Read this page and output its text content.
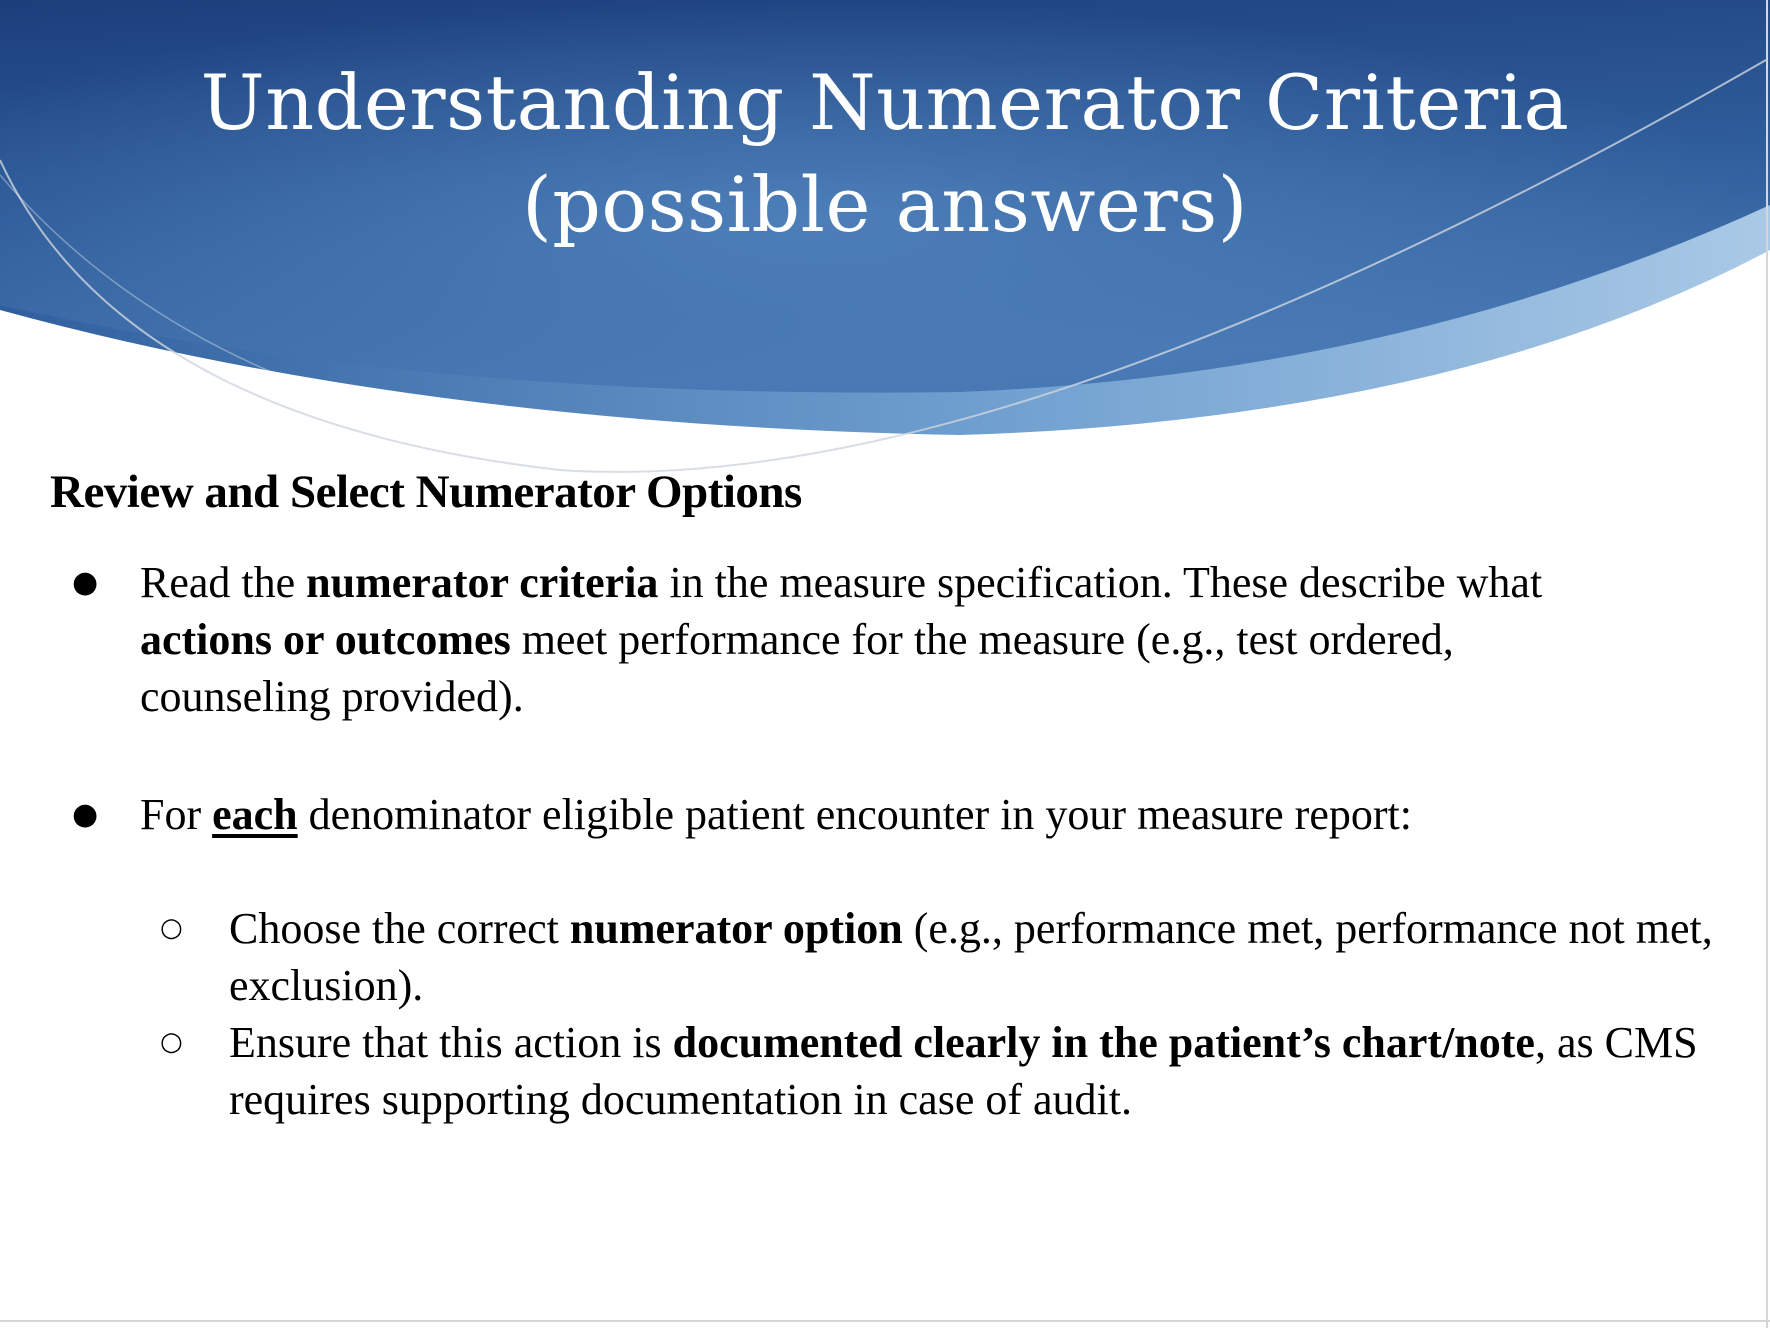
Understanding Numerator Criteria
(possible answers)
Review and Select Numerator Options
● Read the numerator criteria in the measure specification. These describe what actions or outcomes meet performance for the measure (e.g., test ordered, counseling provided).

● For each denominator eligible patient encounter in your measure report:

○ Choose the correct numerator option (e.g., performance met, performance not met, exclusion).

○ Ensure that this action is documented clearly in the patient’s chart/note, as CMS requires supporting documentation in case of audit.
